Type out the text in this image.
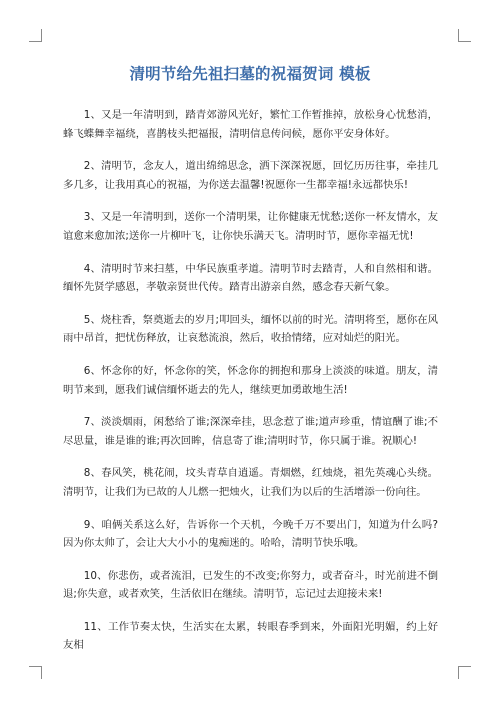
清明节给先祖扫墓的祝福贺词 模板

1、又是一年清明到，踏青郊游风光好，繁忙工作暂推掉，放松身心忧愁消，蜂飞蝶舞幸福绕，喜鹊枝头把福报，清明信息传问候，愿你平安身体好。

2、清明节，念友人，道出绵绵思念，洒下深深祝愿，回忆历历往事，牵挂几多几多，让我用真心的祝福，为你送去温馨!祝愿你一生都幸福!永远都快乐!

3、又是一年清明到，送你一个清明果，让你健康无忧愁;送你一杯友情水，友谊愈来愈加浓;送你一片柳叶飞，让你快乐满天飞。清明时节，愿你幸福无忧!

4、清明时节来扫墓，中华民族重孝道。清明节时去踏青，人和自然相和谐。缅怀先贤学感恩，孝敬亲贤世代传。踏青出游亲自然，感念春天新气象。

5、烧柱香，祭奠逝去的岁月;叩回头，缅怀以前的时光。清明将至，愿你在风雨中昂首，把忧伤释放，让哀愁流浪，然后，收拾情绪，应对灿烂的阳光。

6、怀念你的好，怀念你的笑，怀念你的拥抱和那身上淡淡的味道。朋友，清明节来到，愿我们诚信缅怀逝去的先人，继续更加勇敢地生活!

7、淡淡烟雨，闲愁给了谁;深深牵挂，思念惹了谁;道声珍重，情谊酬了谁;不尽思量，谁是谁的谁;再次回眸，信息寄了谁;清明时节，你只属于谁。祝顺心!

8、春风笑，桃花闹，坟头青草自逍遥。青烟燃，红烛烧，祖先英魂心头绕。清明节，让我们为已故的人儿燃一把烛火，让我们为以后的生活增添一份向往。

9、咱俩关系这么好，告诉你一个天机，今晚千万不要出门，知道为什么吗?因为你太帅了，会让大大小小的鬼痴迷的。哈哈，清明节快乐哦。

10、你悲伤，或者流泪，已发生的不改变;你努力，或者奋斗，时光前进不倒退;你失意，或者欢笑，生活依旧在继续。清明节，忘记过去迎接未来!

11、工作节奏太快，生活实在太累，转眼春季到来，外面阳光明媚，约上好友相
